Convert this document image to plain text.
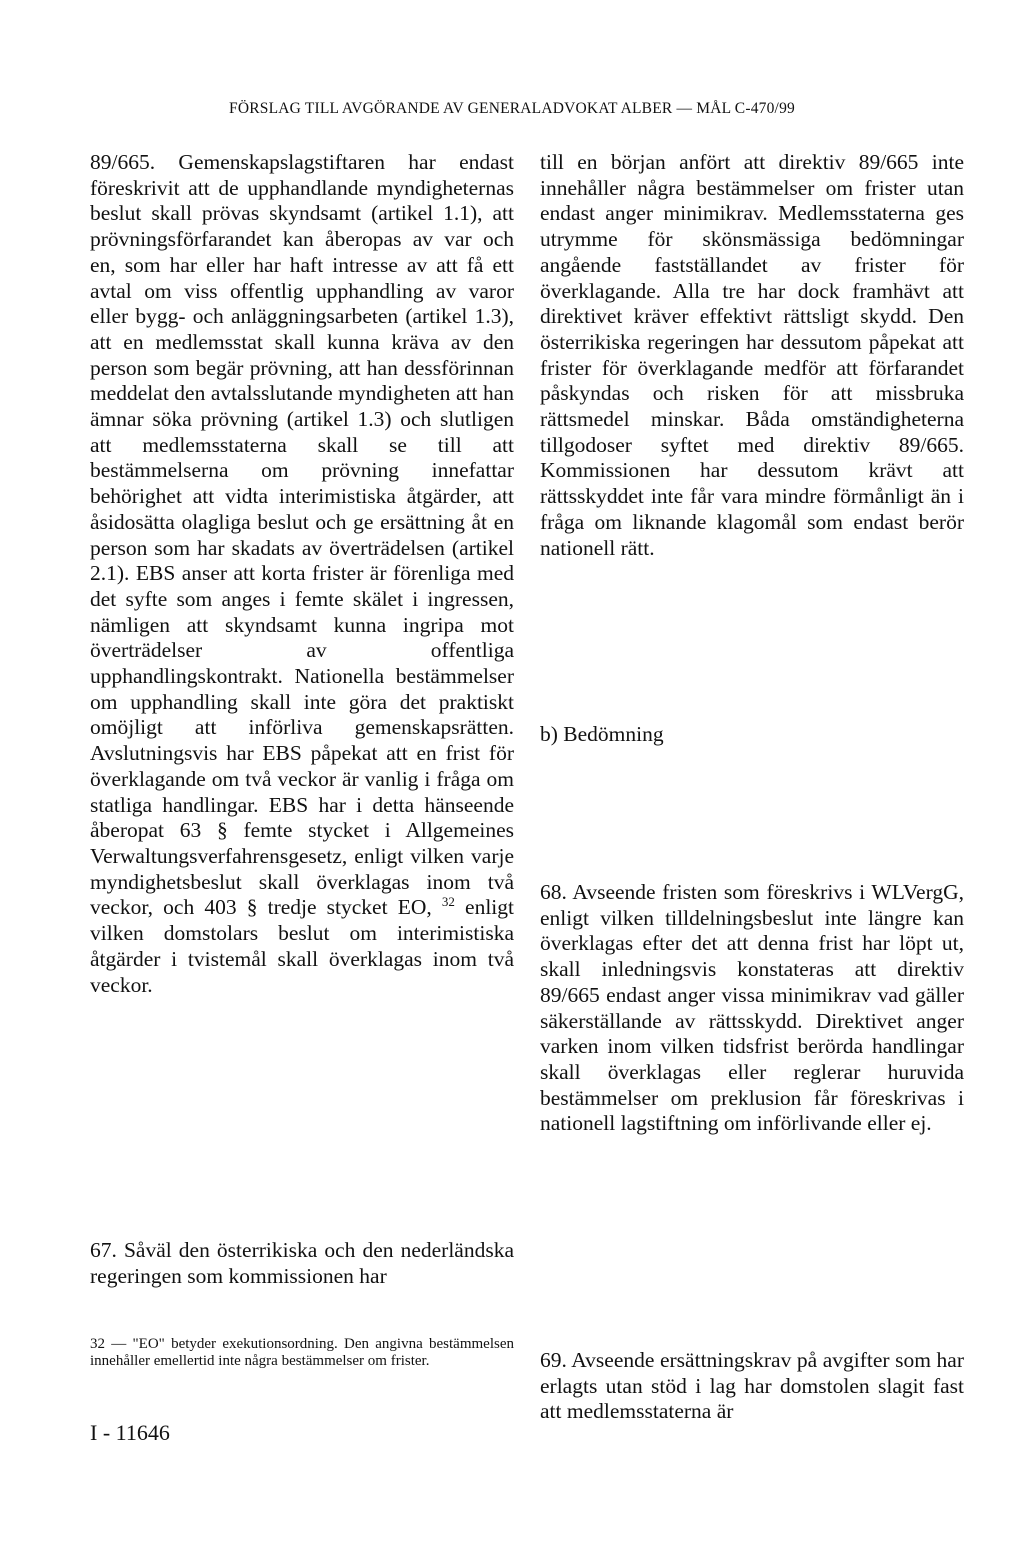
FÖRSLAG TILL AVGÖRANDE AV GENERALADVOKAT ALBER — MÅL C-470/99

89/665. Gemenskapslagstiftaren har endast föreskrivit att de upphandlande myndigheternas beslut skall prövas skyndsamt (artikel 1.1), att prövningsförfarandet kan åberopas av var och en, som har eller har haft intresse av att få ett avtal om viss offentlig upphandling av varor eller bygg- och anläggningsarbeten (artikel 1.3), att en medlemsstat skall kunna kräva av den person som begär prövning, att han dessförinnan meddelat den avtalsslutande myndigheten att han ämnar söka prövning (artikel 1.3) och slutligen att medlemsstaterna skall se till att bestämmelserna om prövning innefattar behörighet att vidta interimistiska åtgärder, att åsidosätta olagliga beslut och ge ersättning åt en person som har skadats av överträdelsen (artikel 2.1). EBS anser att korta frister är förenliga med det syfte som anges i femte skälet i ingressen, nämligen att skyndsamt kunna ingripa mot överträdelser av offentliga upphandlingskontrakt. Nationella bestämmelser om upphandling skall inte göra det praktiskt omöjligt att införliva gemenskapsrätten. Avslutningsvis har EBS påpekat att en frist för överklagande om två veckor är vanlig i fråga om statliga handlingar. EBS har i detta hänseende åberopat 63 § femte stycket i Allgemeines Verwaltungsverfahrensgesetz, enligt vilken varje myndighetsbeslut skall överklagas inom två veckor, och 403 § tredje stycket EO, $^{32}$ enligt vilken domstolars beslut om interimistiska åtgärder i tvistemål skall överklagas inom två veckor.

67. Såväl den österrikiska och den nederländska regeringen som kommissionen har

32 — "EO" betyder exekutionsordning. Den angivna bestämmelsen innehåller emellertid inte några bestämmelser om frister.

I - 11646

till en början anfört att direktiv 89/665 inte innehåller några bestämmelser om frister utan endast anger minimikrav. Medlemsstaterna ges utrymme för skönsmässiga bedömningar angående fastställandet av frister för överklagande. Alla tre har dock framhävt att direktivet kräver effektivt rättsligt skydd. Den österrikiska regeringen har dessutom påpekat att frister för överklagande medför att förfarandet påskyndas och risken för att missbruka rättsmedel minskar. Båda omständigheterna tillgodoser syftet med direktiv 89/665. Kommissionen har dessutom krävt att rättsskyddet inte får vara mindre förmånligt än i fråga om liknande klagomål som endast berör nationell rätt.

b) Bedömning

68. Avseende fristen som föreskrivs i WLVergG, enligt vilken tilldelningsbeslut inte längre kan överklagas efter det att denna frist har löpt ut, skall inledningsvis konstateras att direktiv 89/665 endast anger vissa minimikrav vad gäller säkerställande av rättsskydd. Direktivet anger varken inom vilken tidsfrist berörda handlingar skall överklagas eller reglerar huruvida bestämmelser om preklusion får föreskrivas i nationell lagstiftning om införlivande eller ej.

69. Avseende ersättningskrav på avgifter som har erlagts utan stöd i lag har domstolen slagit fast att medlemsstaterna är
